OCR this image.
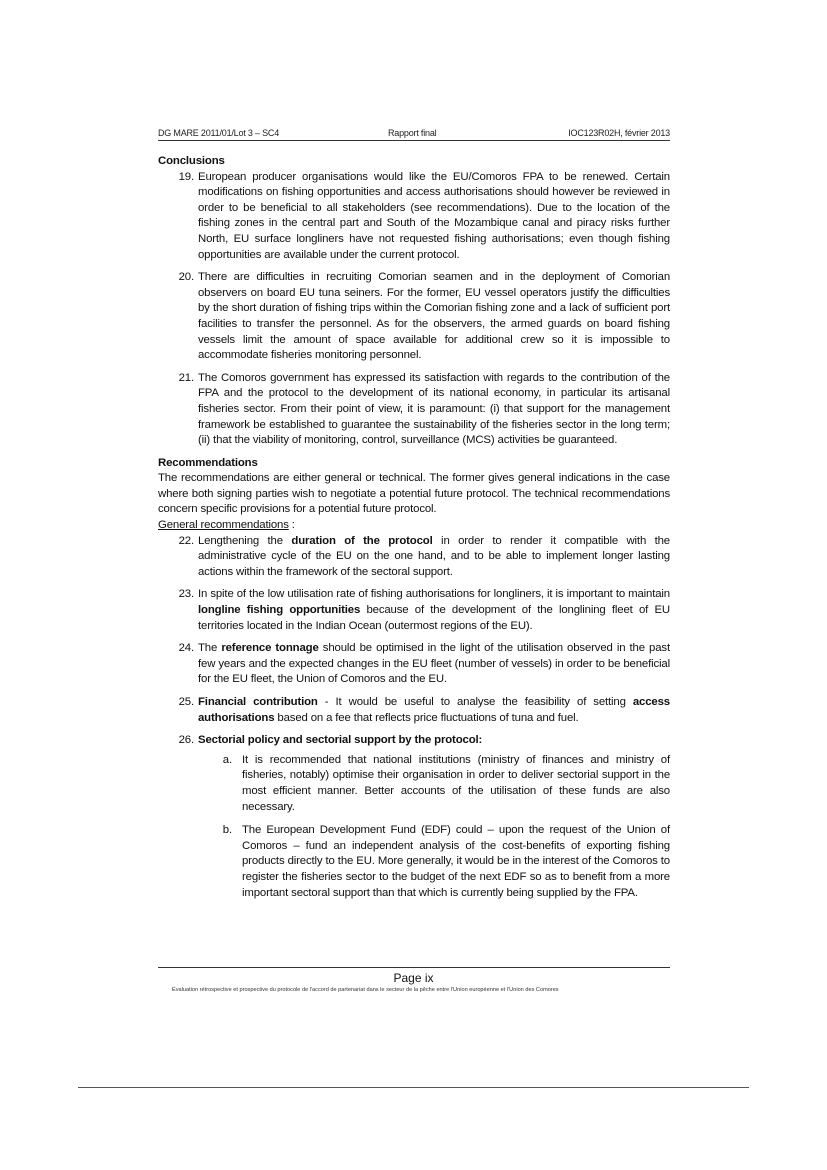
DG MARE 2011/01/Lot 3 – SC4	Rapport final	IOC123R02H, février 2013

Conclusions

19. European producer organisations would like the EU/Comoros FPA to be renewed. Certain modifications on fishing opportunities and access authorisations should however be reviewed in order to be beneficial to all stakeholders (see recommendations). Due to the location of the fishing zones in the central part and South of the Mozambique canal and piracy risks further North, EU surface longliners have not requested fishing authorisations; even though fishing opportunities are available under the current protocol.
20. There are difficulties in recruiting Comorian seamen and in the deployment of Comorian observers on board EU tuna seiners. For the former, EU vessel operators justify the difficulties by the short duration of fishing trips within the Comorian fishing zone and a lack of sufficient port facilities to transfer the personnel. As for the observers, the armed guards on board fishing vessels limit the amount of space available for additional crew so it is impossible to accommodate fisheries monitoring personnel.
21. The Comoros government has expressed its satisfaction with regards to the contribution of the FPA and the protocol to the development of its national economy, in particular its artisanal fisheries sector. From their point of view, it is paramount: (i) that support for the management framework be established to guarantee the sustainability of the fisheries sector in the long term; (ii) that the viability of monitoring, control, surveillance (MCS) activities be guaranteed.

Recommendations

The recommendations are either general or technical. The former gives general indications in the case where both signing parties wish to negotiate a potential future protocol. The technical recommendations concern specific provisions for a potential future protocol.

General recommendations :

22. Lengthening the duration of the protocol in order to render it compatible with the administrative cycle of the EU on the one hand, and to be able to implement longer lasting actions within the framework of the sectoral support.
23. In spite of the low utilisation rate of fishing authorisations for longliners, it is important to maintain longline fishing opportunities because of the development of the longlining fleet of EU territories located in the Indian Ocean (outermost regions of the EU).
24. The reference tonnage should be optimised in the light of the utilisation observed in the past few years and the expected changes in the EU fleet (number of vessels) in order to be beneficial for the EU fleet, the Union of Comoros and the EU.
25. Financial contribution - It would be useful to analyse the feasibility of setting access authorisations based on a fee that reflects price fluctuations of tuna and fuel.
26. Sectorial policy and sectorial support by the protocol:
a. It is recommended that national institutions (ministry of finances and ministry of fisheries, notably) optimise their organisation in order to deliver sectorial support in the most efficient manner. Better accounts of the utilisation of these funds are also necessary.
b. The European Development Fund (EDF) could – upon the request of the Union of Comoros – fund an independent analysis of the cost-benefits of exporting fishing products directly to the EU. More generally, it would be in the interest of the Comoros to register the fisheries sector to the budget of the next EDF so as to benefit from a more important sectoral support than that which is currently being supplied by the FPA.
Page ix
Évaluation rétrospective et prospective du protocole de l'accord de partenariat dans le secteur de la pêche entre l'Union européenne et l'Union des Comores
